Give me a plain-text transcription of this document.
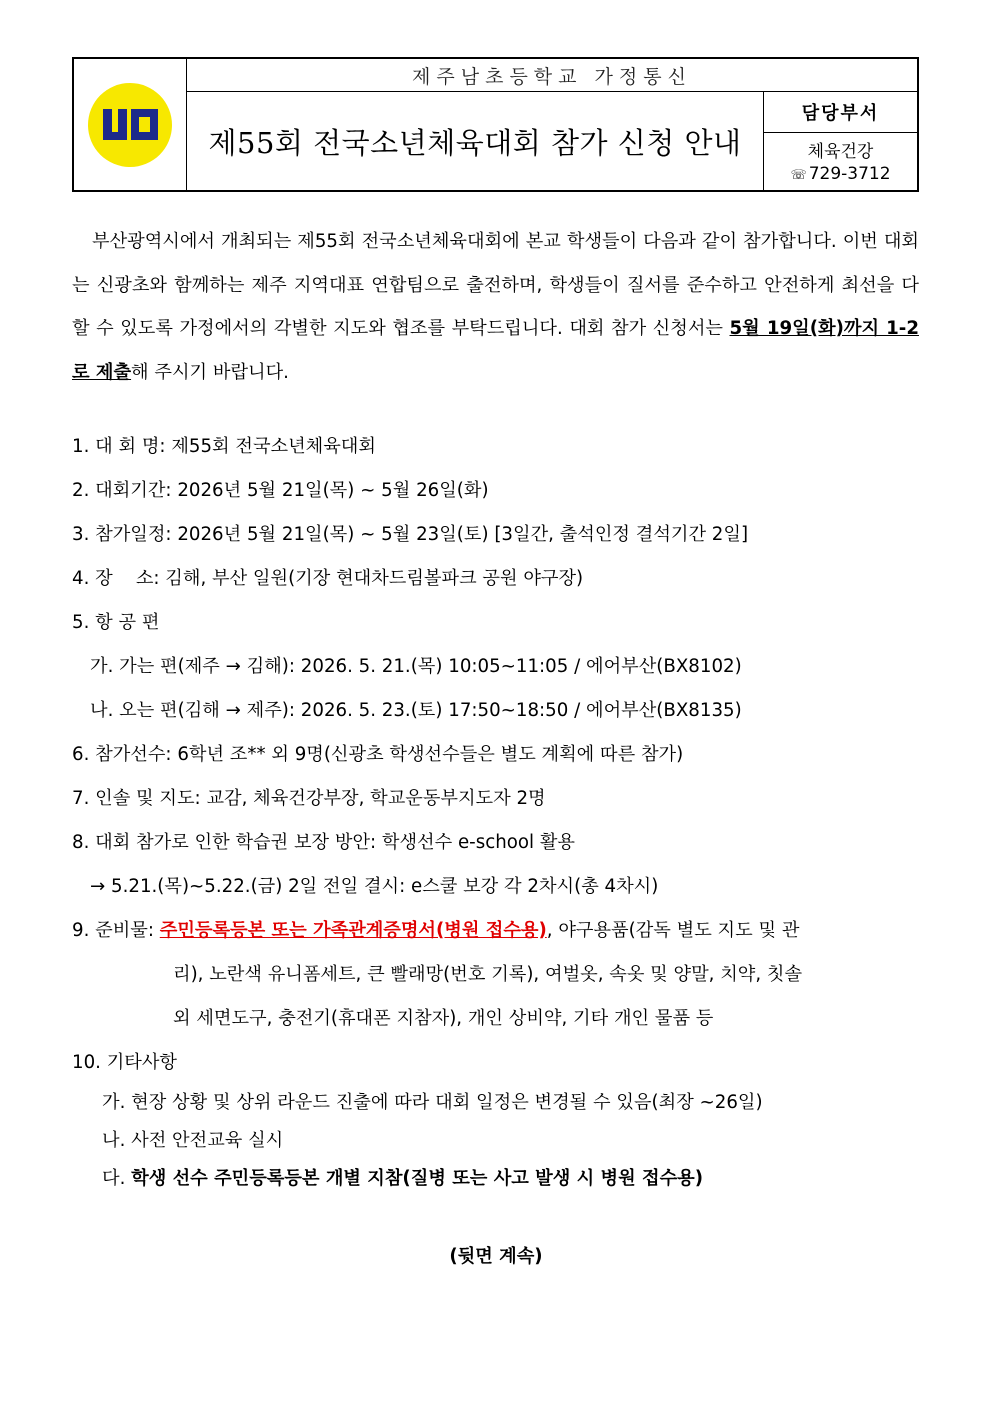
제주남초등학교 가정통신
제55회 전국소년체육대회 참가 신청 안내
담당부서
체육건강
☏ 729-3712
부산광역시에서 개최되는 제55회 전국소년체육대회에 본교 학생들이 다음과 같이 참가합니다. 이번 대회는 신광초와 함께하는 제주 지역대표 연합팀으로 출전하며, 학생들이 질서를 준수하고 안전하게 최선을 다할 수 있도록 가정에서의 각별한 지도와 협조를 부탁드립니다. 대회 참가 신청서는 5월 19일(화)까지 1-2로 제출해 주시기 바랍니다.
1. 대 회 명: 제55회 전국소년체육대회
2. 대회기간: 2026년 5월 21일(목) ~ 5월 26일(화)
3. 참가일정: 2026년 5월 21일(목) ~ 5월 23일(토) [3일간, 출석인정 결석기간 2일]
4. 장    소: 김해, 부산 일원(기장 현대차드림볼파크 공원 야구장)
5. 항 공 편
가. 가는 편(제주 → 김해): 2026. 5. 21.(목) 10:05~11:05 / 에어부산(BX8102)
나. 오는 편(김해 → 제주): 2026. 5. 23.(토) 17:50~18:50 / 에어부산(BX8135)
6. 참가선수: 6학년 조** 외 9명(신광초 학생선수들은 별도 계획에 따른 참가)
7. 인솔 및 지도: 교감, 체육건강부장, 학교운동부지도자 2명
8. 대회 참가로 인한 학습권 보장 방안: 학생선수 e-school 활용
→ 5.21.(목)~5.22.(금) 2일 전일 결시: e스쿨 보강 각 2차시(총 4차시)
9. 준비물: 주민등록등본 또는 가족관계증명서(병원 접수용), 야구용품(감독 별도 지도 및 관
리), 노란색 유니폼세트, 큰 빨래망(번호 기록), 여벌옷, 속옷 및 양말, 치약, 칫솔
외 세면도구, 충전기(휴대폰 지참자), 개인 상비약, 기타 개인 물품 등
10. 기타사항
가. 현장 상황 및 상위 라운드 진출에 따라 대회 일정은 변경될 수 있음(최장 ~26일)
나. 사전 안전교육 실시
다. 학생 선수 주민등록등본 개별 지참(질병 또는 사고 발생 시 병원 접수용)
(뒷면 계속)
